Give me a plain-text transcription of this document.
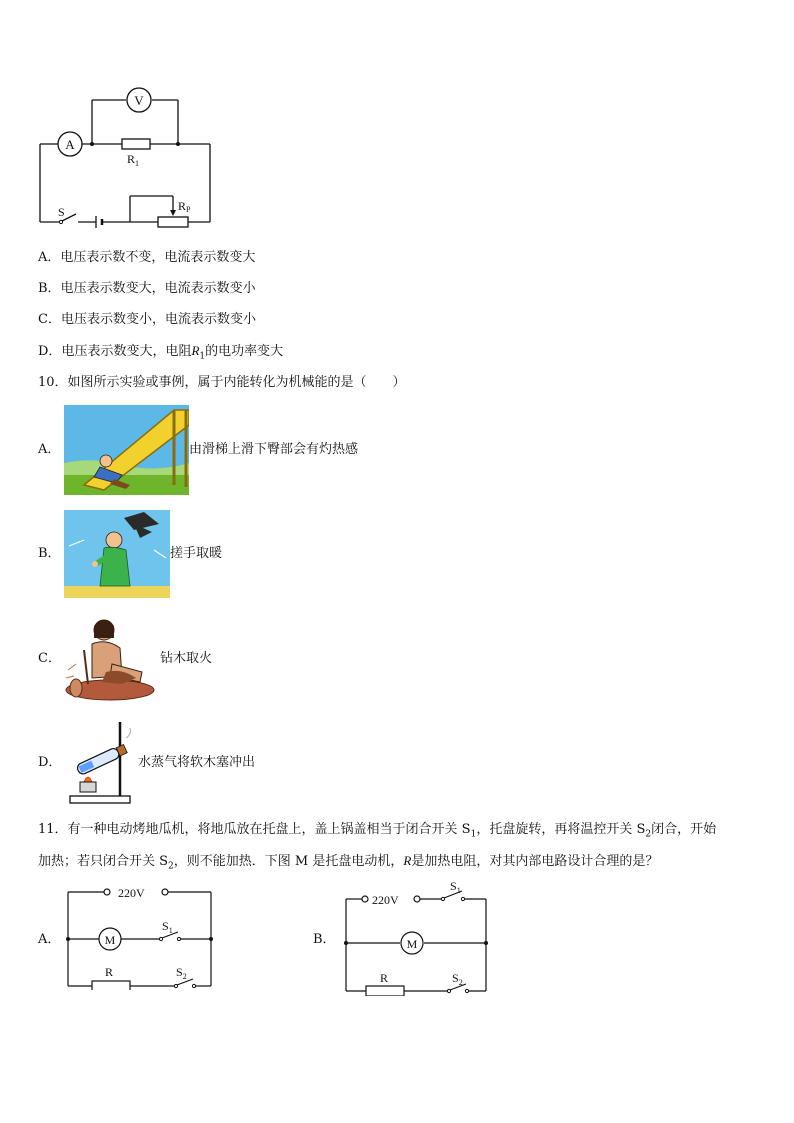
V
A
$R_1$
S	RP
A．电压表示数不变，电流表示数变大
B．电压表示数变大，电流表示数变小
C．电压表示数变小，电流表示数变小
D．电压表示数变大，电阻$R_1$的电功率变大
10．如图所示实验或事例，属于内能转化为机械能的是（　　）
A．	由滑梯上滑下臀部会有灼热感
B．	搓手取暖
C．	钻木取火
D．	水蒸气将软木塞冲出
11．有一种电动烤地瓜机，将地瓜放在托盘上，盖上锅盖相当于闭合开关 $S_1$，托盘旋转，再将温控开关 $S_2$闭合，开始
加热；若只闭合开关 $S_2$，则不能加热．下图 M 是托盘电动机，R是加热电阻，对其内部电路设计合理的是？
A．
220V
M
$S_1$
R	$S_2$
B．
220V
$S_1$
M
R	$S_2$
